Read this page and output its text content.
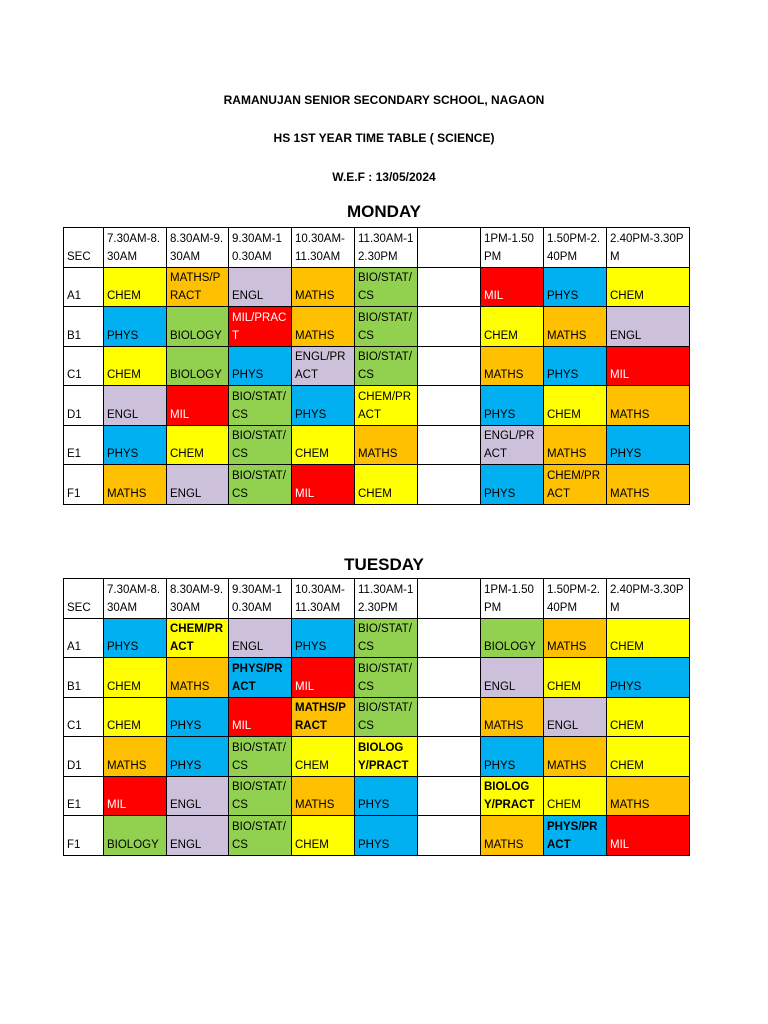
RAMANUJAN SENIOR SECONDARY SCHOOL, NAGAON
HS 1ST YEAR TIME TABLE ( SCIENCE)
W.E.F : 13/05/2024
MONDAY
SEC	7.30AM-8.30AM	8.30AM-9.30AM	9.30AM-10.30AM	10.30AM-11.30AM	11.30AM-12.30PM		1PM-1.50PM	1.50PM-2.40PM	2.40PM-3.30PM
A1	CHEM	MATHS/PRACT	ENGL	MATHS	BIO/STAT/CS		MIL	PHYS	CHEM
B1	PHYS	BIOLOGY	MIL/PRACT	MATHS	BIO/STAT/CS		CHEM	MATHS	ENGL
C1	CHEM	BIOLOGY	PHYS	ENGL/PRACT	BIO/STAT/CS		MATHS	PHYS	MIL
D1	ENGL	MIL	BIO/STAT/CS	PHYS	CHEM/PRACT		PHYS	CHEM	MATHS
E1	PHYS	CHEM	BIO/STAT/CS	CHEM	MATHS		ENGL/PRACT	MATHS	PHYS
F1	MATHS	ENGL	BIO/STAT/CS	MIL	CHEM		PHYS	CHEM/PRACT	MATHS
TUESDAY
SEC	7.30AM-8.30AM	8.30AM-9.30AM	9.30AM-10.30AM	10.30AM-11.30AM	11.30AM-12.30PM		1PM-1.50PM	1.50PM-2.40PM	2.40PM-3.30PM
A1	PHYS	CHEM/PRACT	ENGL	PHYS	BIO/STAT/CS		BIOLOGY	MATHS	CHEM
B1	CHEM	MATHS	PHYS/PRACT	MIL	BIO/STAT/CS		ENGL	CHEM	PHYS
C1	CHEM	PHYS	MIL	MATHS/PRACT	BIO/STAT/CS		MATHS	ENGL	CHEM
D1	MATHS	PHYS	BIO/STAT/CS	CHEM	BIOLOGY/PRACT		PHYS	MATHS	CHEM
E1	MIL	ENGL	BIO/STAT/CS	MATHS	PHYS		BIOLOGY/PRACT	CHEM	MATHS
F1	BIOLOGY	ENGL	BIO/STAT/CS	CHEM	PHYS		MATHS	PHYS/PRACT	MIL
